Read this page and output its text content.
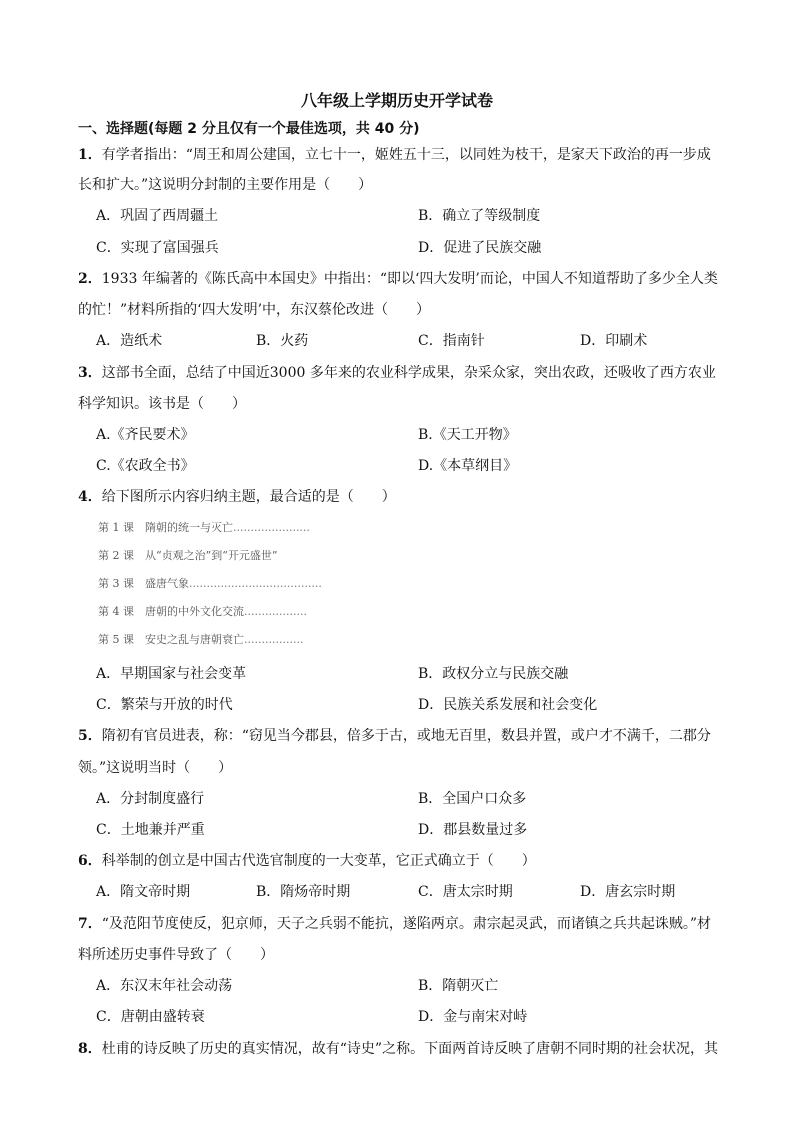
八年级上学期历史开学试卷
一、选择题(每题 2 分且仅有一个最佳选项，共 40 分)
1．有学者指出：“周王和周公建国，立七十一，姬姓五十三，以同姓为枝干，是家天下政治的再一步成
长和扩大。”这说明分封制的主要作用是（　　）
A．巩固了西周疆土	B．确立了等级制度
C．实现了富国强兵	D．促进了民族交融
2．1933 年编著的《陈氏高中本国史》中指出：“即以‘四大发明’而论，中国人不知道帮助了多少全人类
的忙！”材料所指的‘四大发明’中，东汉蔡伦改进（　　）
A．造纸术	B．火药	C．指南针	D．印刷术
3．这部书全面，总结了中国近3000 多年来的农业科学成果，杂采众家，突出农政，还吸收了西方农业
科学知识。该书是（　　）
A.《齐民要术》	B.《天工开物》
C.《农政全书》	D.《本草纲目》
4．给下图所示内容归纳主题，最合适的是（　　）
第 1 课　隋朝的统一与灭亡......................
第 2 课　从“贞观之治”到“开元盛世”
第 3 课　盛唐气象......................................
第 4 课　唐朝的中外文化交流..................
第 5 课　安史之乱与唐朝衰亡.................
A．早期国家与社会变革	B．政权分立与民族交融
C．繁荣与开放的时代	D．民族关系发展和社会变化
5．隋初有官员进表，称：“窃见当今郡县，倍多于古，或地无百里，数县并置，或户才不满千，二郡分
领。”这说明当时（　　）
A．分封制度盛行	B．全国户口众多
C．土地兼并严重	D．郡县数量过多
6．科举制的创立是中国古代选官制度的一大变革，它正式确立于（　　）
A．隋文帝时期	B．隋炀帝时期	C．唐太宗时期	D．唐玄宗时期
7．“及范阳节度使反，犯京师，天子之兵弱不能抗，遂陷两京。肃宗起灵武，而诸镇之兵共起诛贼。”材
料所述历史事件导致了（　　）
A．东汉末年社会动荡	B．隋朝灭亡
C．唐朝由盛转衰	D．金与南宋对峙
8．杜甫的诗反映了历史的真实情况，故有“诗史”之称。下面两首诗反映了唐朝不同时期的社会状况，其
